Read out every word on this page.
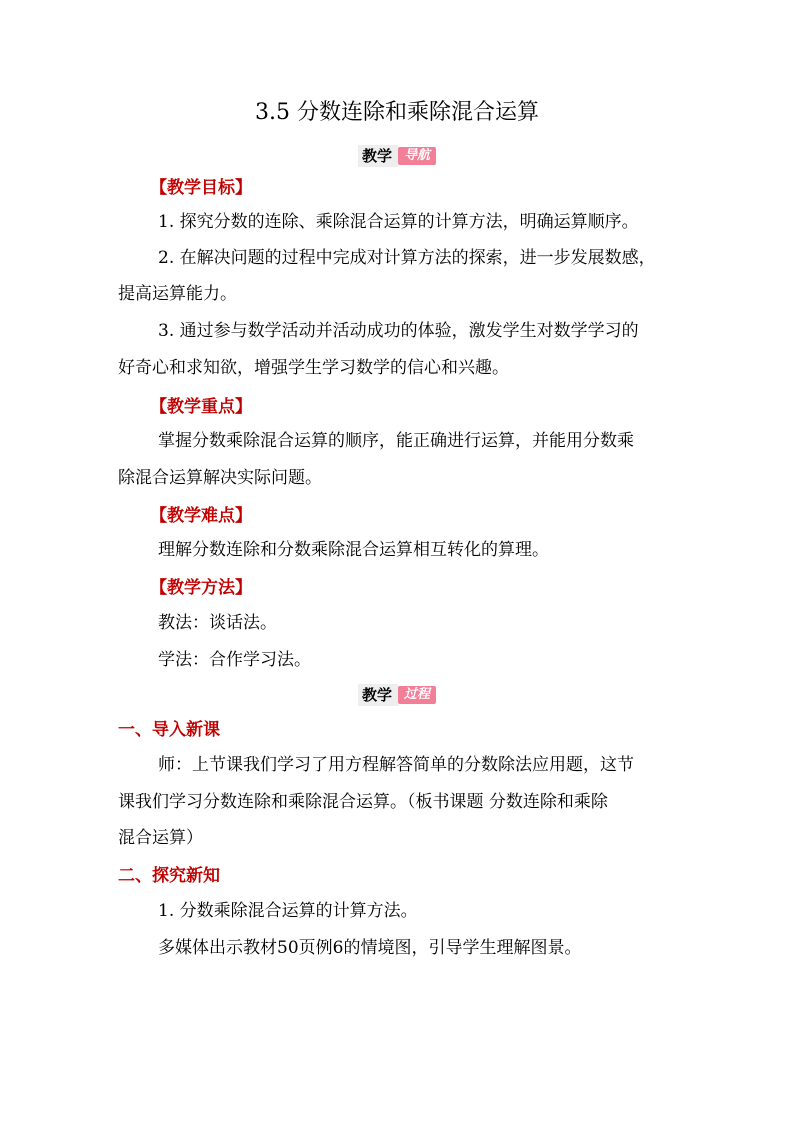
3.5 分数连除和乘除混合运算
教学 导航
【教学目标】
1. 探究分数的连除、乘除混合运算的计算方法，明确运算顺序。
2. 在解决问题的过程中完成对计算方法的探索，进一步发展数感，
提高运算能力。
3. 通过参与数学活动并活动成功的体验，激发学生对数学学习的
好奇心和求知欲，增强学生学习数学的信心和兴趣。
【教学重点】
掌握分数乘除混合运算的顺序，能正确进行运算，并能用分数乘
除混合运算解决实际问题。
【教学难点】
理解分数连除和分数乘除混合运算相互转化的算理。
【教学方法】
教法：谈话法。
学法：合作学习法。
教学 过程
一、导入新课
师：上节课我们学习了用方程解答简单的分数除法应用题，这节
课我们学习分数连除和乘除混合运算。（板书课题 分数连除和乘除
混合运算）
二、探究新知
1. 分数乘除混合运算的计算方法。
多媒体出示教材50页例6的情境图，引导学生理解图景。
